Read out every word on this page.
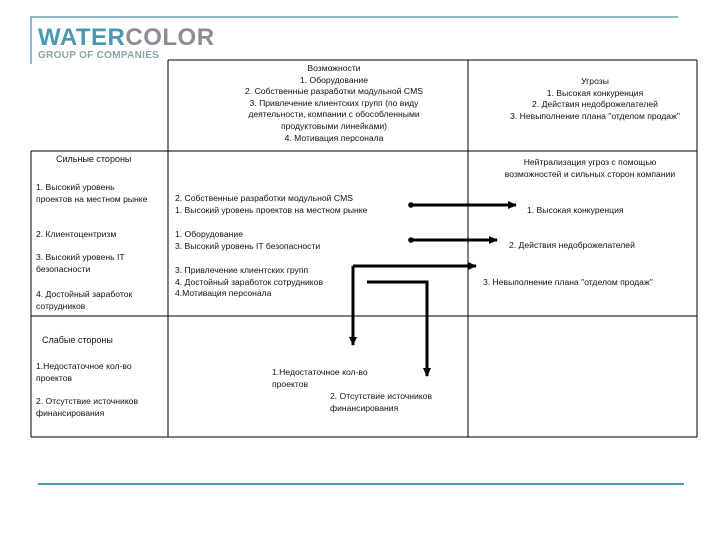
WATERCOLOR
GROUP OF COMPANIES
Возможности
1. Оборудование
2. Собственные разработки модульной CMS
3. Привлечение клиентских групп (по виду деятельности, компании с обособленными продуктовыми линейками)
4. Мотивация персонала
Угрозы
1. Высокая конкуренция
2. Действия недоброжелателей
3. Невыполнение плана "отделом продаж"
Сильные стороны
1. Высокий уровень проектов на местном рынке
2. Клиентоцентризм
3. Высокий уровень IT безопасности
4. Достойный заработок сотрудников
Слабые стороны
1.Недостаточное кол-во проектов
2. Отсутствие источников финансирования
2. Собственные разработки модульной CMS
1. Высокий уровень проектов на местном рынке
1. Оборудование
3. Высокий уровень IT безопасности
3. Привлечение клиентских групп
4. Достойный заработок сотрудников
4.Мотивация персонала
Нейтрализация угроз с помощью возможностей и сильных сторон компании
1. Высокая конкуренция
2. Действия недоброжелателей
3. Невыполнение плана "отделом продаж"
1.Недостаточное кол-во проектов
2. Отсутствие источников финансирования
